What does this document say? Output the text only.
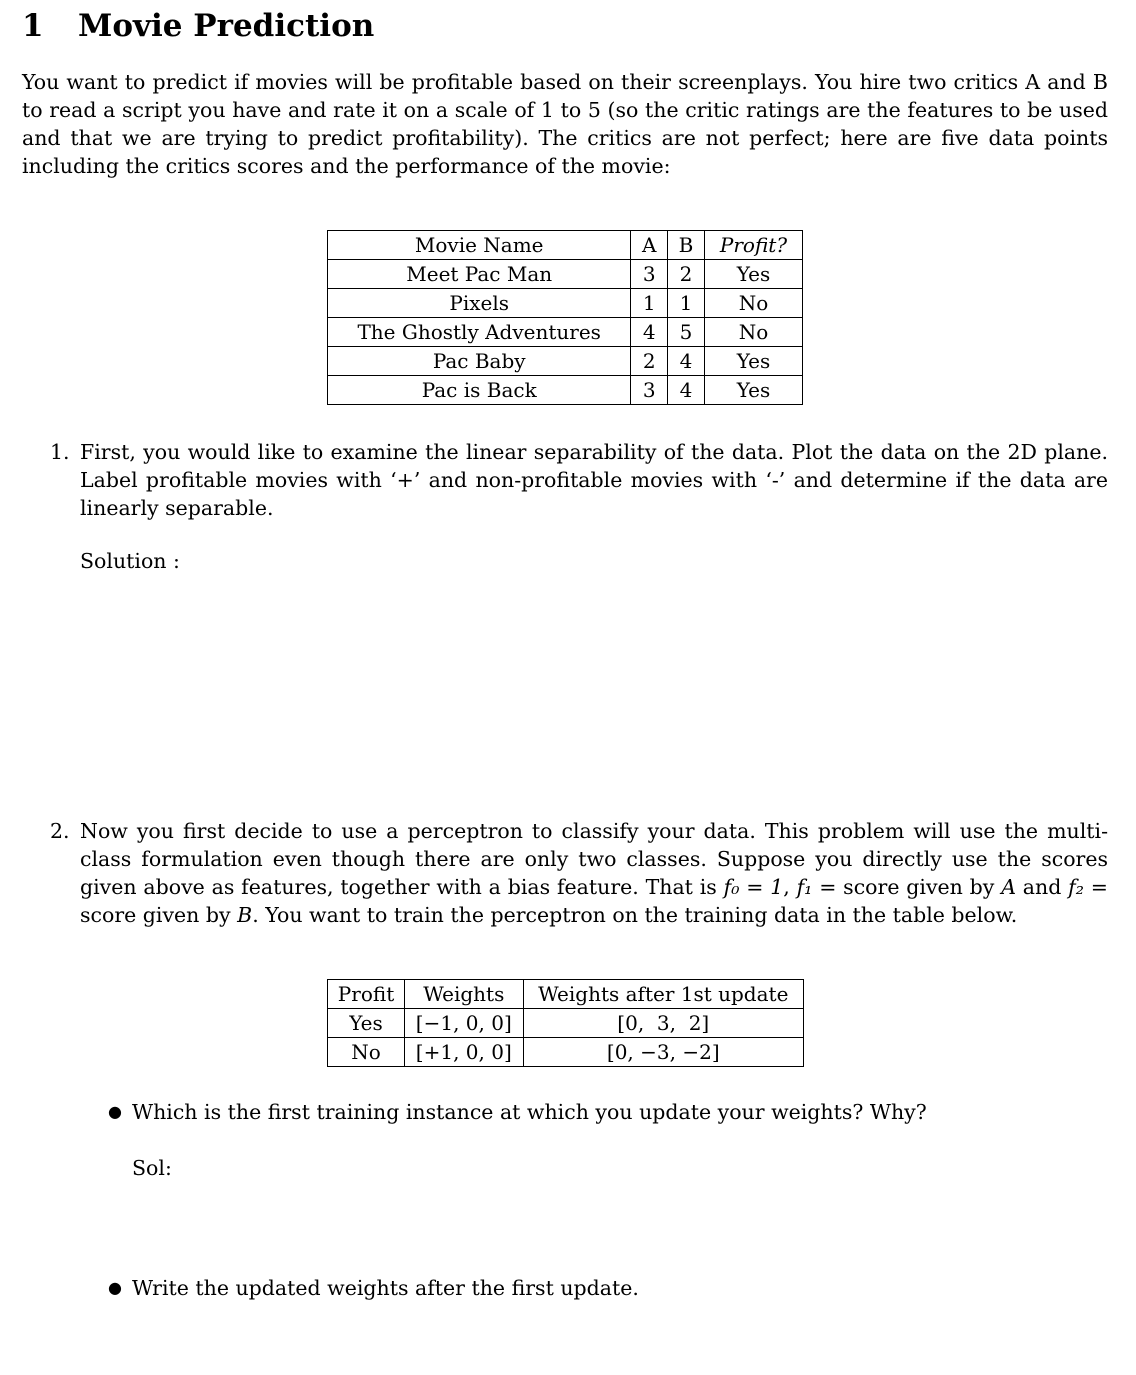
1 Movie Prediction

You want to predict if movies will be profitable based on their screenplays. You hire two critics A and B to read a script you have and rate it on a scale of 1 to 5 (so the critic ratings are the features to be used and that we are trying to predict profitability). The critics are not perfect; here are five data points including the critics scores and the performance of the movie:

Movie Name	A	B	Profit?
Meet Pac Man	3	2	Yes
Pixels	1	1	No
The Ghostly Adventures	4	5	No
Pac Baby	2	4	Yes
Pac is Back	3	4	Yes
1. First, you would like to examine the linear separability of the data. Plot the data on the 2D plane. Label profitable movies with ‘+’ and non-profitable movies with ‘-’ and determine if the data are linearly separable.

Solution :
2. Now you first decide to use a perceptron to classify your data. This problem will use the multi-class formulation even though there are only two classes. Suppose you directly use the scores given above as features, together with a bias feature. That is f₀ = 1, f₁ = score given by A and f₂ = score given by B. You want to train the perceptron on the training data in the table below.

Profit	Weights	Weights after 1st update
Yes	[−1, 0, 0]	[0,  3,  2]
No	[+1, 0, 0]	[0, −3, −2]
● Which is the first training instance at which you update your weights? Why?
Sol:
● Write the updated weights after the first update.
